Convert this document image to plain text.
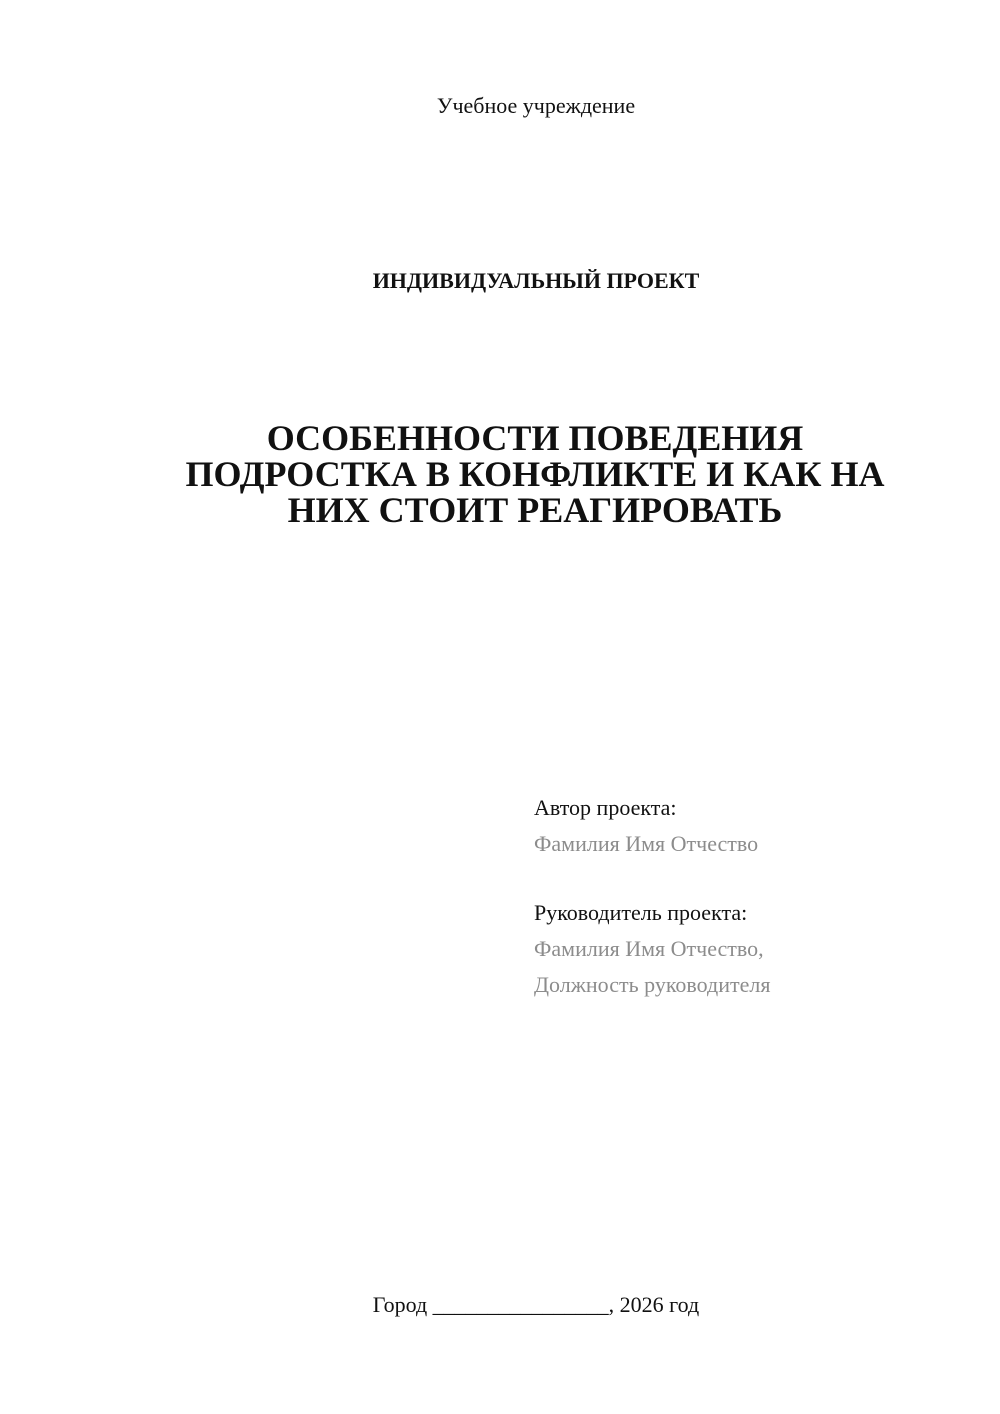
Учебное учреждение
ИНДИВИДУАЛЬНЫЙ ПРОЕКТ
ОСОБЕННОСТИ ПОВЕДЕНИЯ
ПОДРОСТКА В КОНФЛИКТЕ И КАК НА
НИХ СТОИТ РЕАГИРОВАТЬ
Автор проекта:
Фамилия Имя Отчество
Руководитель проекта:
Фамилия Имя Отчество,
Должность руководителя
Город ________________, 2026 год
